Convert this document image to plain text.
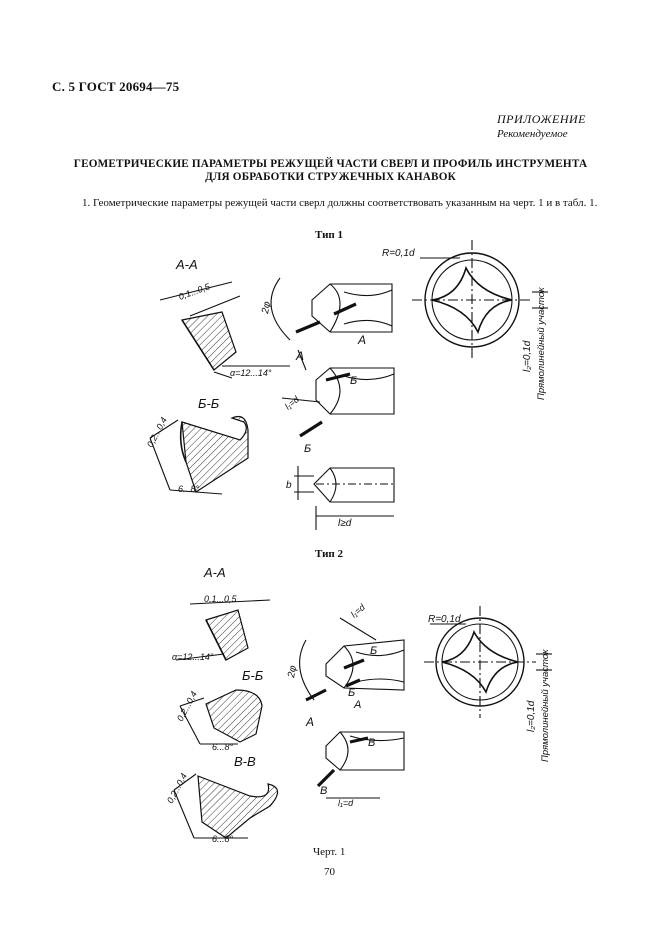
С. 5 ГОСТ 20694—75
ПРИЛОЖЕНИЕ
Рекомендуемое
ГЕОМЕТРИЧЕСКИЕ ПАРАМЕТРЫ РЕЖУЩЕЙ ЧАСТИ СВЕРЛ И ПРОФИЛЬ ИНСТРУМЕНТА
ДЛЯ ОБРАБОТКИ СТРУЖЕЧНЫХ КАНАВОК
1. Геометрические параметры режущей части сверл должны соответствовать указанным на черт. 1 и в табл. 1.
Тип 1
Тип 2
А-А
0,1...0,5
α=12...14°
Б-Б
0,2...0,4
6...8°
2φ
А
А
l₁=d
Б
Б
b
l≥d
R=0,1d
l₂=0,1d Прямолинейный участок
А-А
0,1...0,5
α=12...14°
Б-Б
0,2...0,4
6...8°
В-В
0,2...0,4
6...8°
2φ
l₁=d
Б
Б
А
А
В
В
l₁=d
R=0,1d
l₂=0,1d Прямолинейный участок
Черт. 1
70
